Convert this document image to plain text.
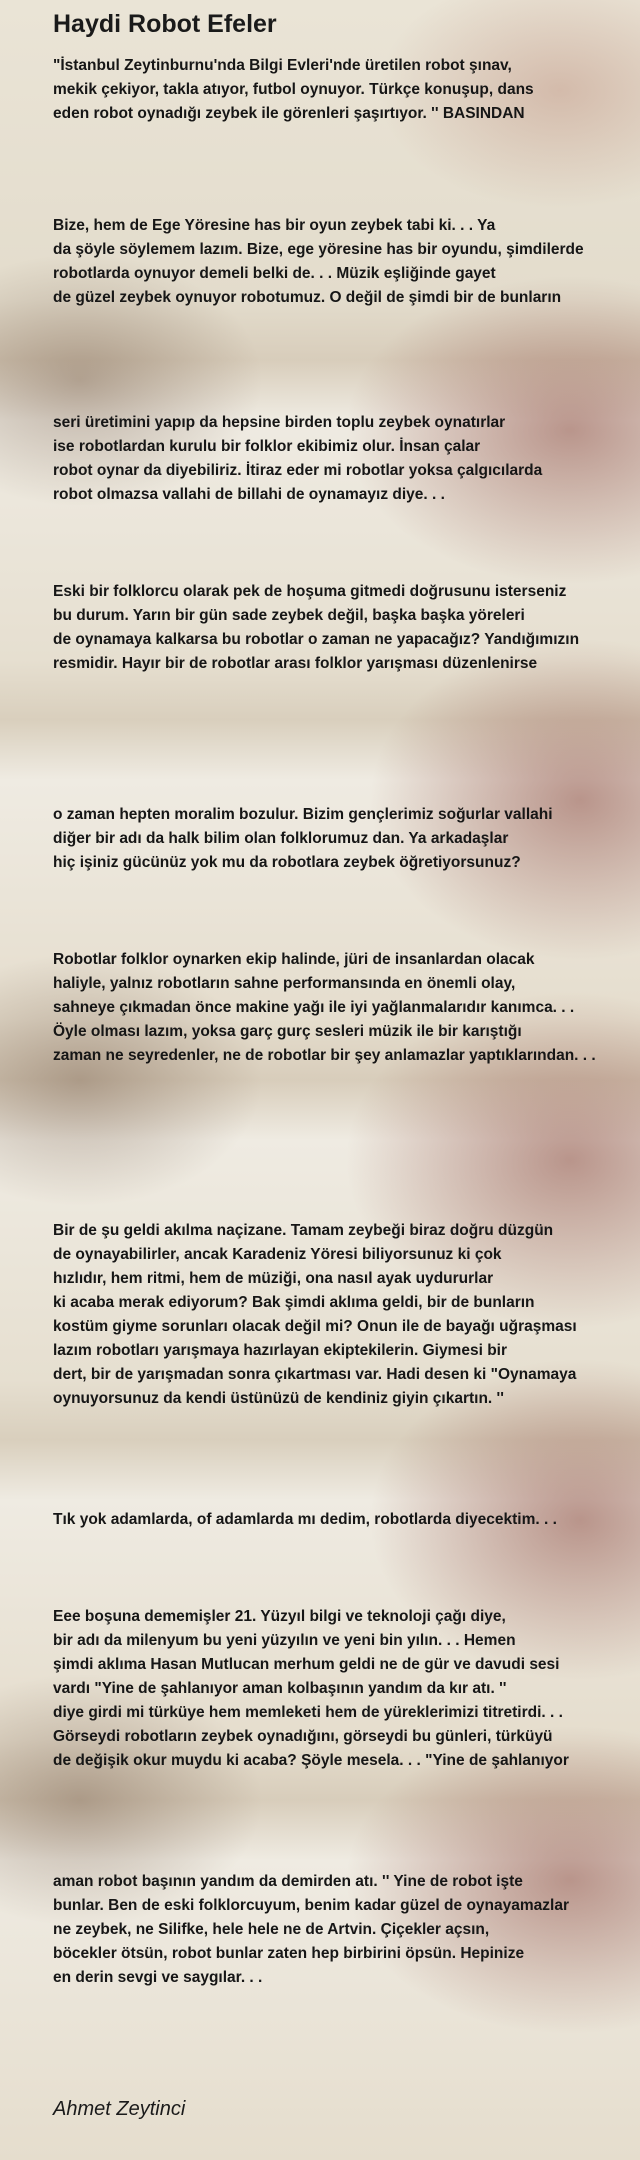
Haydi Robot Efeler

"İstanbul Zeytinburnu'nda Bilgi Evleri'nde üretilen robot şınav,
mekik çekiyor, takla atıyor, futbol oynuyor. Türkçe konuşup, dans
eden robot oynadığı zeybek ile görenleri şaşırtıyor. '' BASINDAN

Bize, hem de Ege Yöresine has bir oyun zeybek tabi ki. . . Ya
da şöyle söylemem lazım. Bize, ege yöresine has bir oyundu, şimdilerde
robotlarda oynuyor demeli belki de. . . Müzik eşliğinde gayet
de güzel zeybek oynuyor robotumuz. O değil de şimdi bir de bunların

seri üretimini yapıp da hepsine birden toplu zeybek oynatırlar
ise robotlardan kurulu bir folklor ekibimiz olur. İnsan çalar
robot oynar da diyebiliriz. İtiraz eder mi robotlar yoksa çalgıcılarda
robot olmazsa vallahi de billahi de oynamayız diye. . .

Eski bir folklorcu olarak pek de hoşuma gitmedi doğrusunu isterseniz
bu durum. Yarın bir gün sade zeybek değil, başka başka yöreleri
de oynamaya kalkarsa bu robotlar o zaman ne yapacağız? Yandığımızın
resmidir. Hayır bir de robotlar arası folklor yarışması düzenlenirse

o zaman hepten moralim bozulur. Bizim gençlerimiz soğurlar vallahi
diğer bir adı da halk bilim olan folklorumuz dan. Ya arkadaşlar
hiç işiniz gücünüz yok mu da robotlara zeybek öğretiyorsunuz?

Robotlar folklor oynarken ekip halinde, jüri de insanlardan olacak
haliyle, yalnız robotların sahne performansında en önemli olay,
sahneye çıkmadan önce makine yağı ile iyi yağlanmalarıdır kanımca. . .
Öyle olması lazım, yoksa garç gurç sesleri müzik ile bir karıştığı
zaman ne seyredenler, ne de robotlar bir şey anlamazlar yaptıklarından. . .

Bir de şu geldi akılma naçizane. Tamam zeybeği biraz doğru düzgün
de oynayabilirler, ancak Karadeniz Yöresi biliyorsunuz ki çok
hızlıdır, hem ritmi, hem de müziği, ona nasıl ayak uydururlar
ki acaba merak ediyorum? Bak şimdi aklıma geldi, bir de bunların
kostüm giyme sorunları olacak değil mi? Onun ile de bayağı uğraşması
lazım robotları yarışmaya hazırlayan ekiptekilerin. Giymesi bir
dert, bir de yarışmadan sonra çıkartması var. Hadi desen ki "Oynamaya
oynuyorsunuz da kendi üstünüzü de kendiniz giyin çıkartın. ''

Tık yok adamlarda, of adamlarda mı dedim, robotlarda diyecektim. . .

Eee boşuna dememişler 21. Yüzyıl bilgi ve teknoloji çağı diye,
bir adı da milenyum bu yeni yüzyılın ve yeni bin yılın. . . Hemen
şimdi aklıma Hasan Mutlucan merhum geldi ne de gür ve davudi sesi
vardı "Yine de şahlanıyor aman kolbaşının yandım da kır atı. ''
diye girdi mi türküye hem memleketi hem de yüreklerimizi titretirdi. . .
Görseydi robotların zeybek oynadığını, görseydi bu günleri, türküyü
de değişik okur muydu ki acaba? Şöyle mesela. . . "Yine de şahlanıyor

aman robot başının yandım da demirden atı. '' Yine de robot işte
bunlar. Ben de eski folklorcuyum, benim kadar güzel de oynayamazlar
ne zeybek, ne Silifke, hele hele ne de Artvin. Çiçekler açsın,
böcekler ötsün, robot bunlar zaten hep birbirini öpsün. Hepinize
en derin sevgi ve saygılar. . .

Ahmet Zeytinci
